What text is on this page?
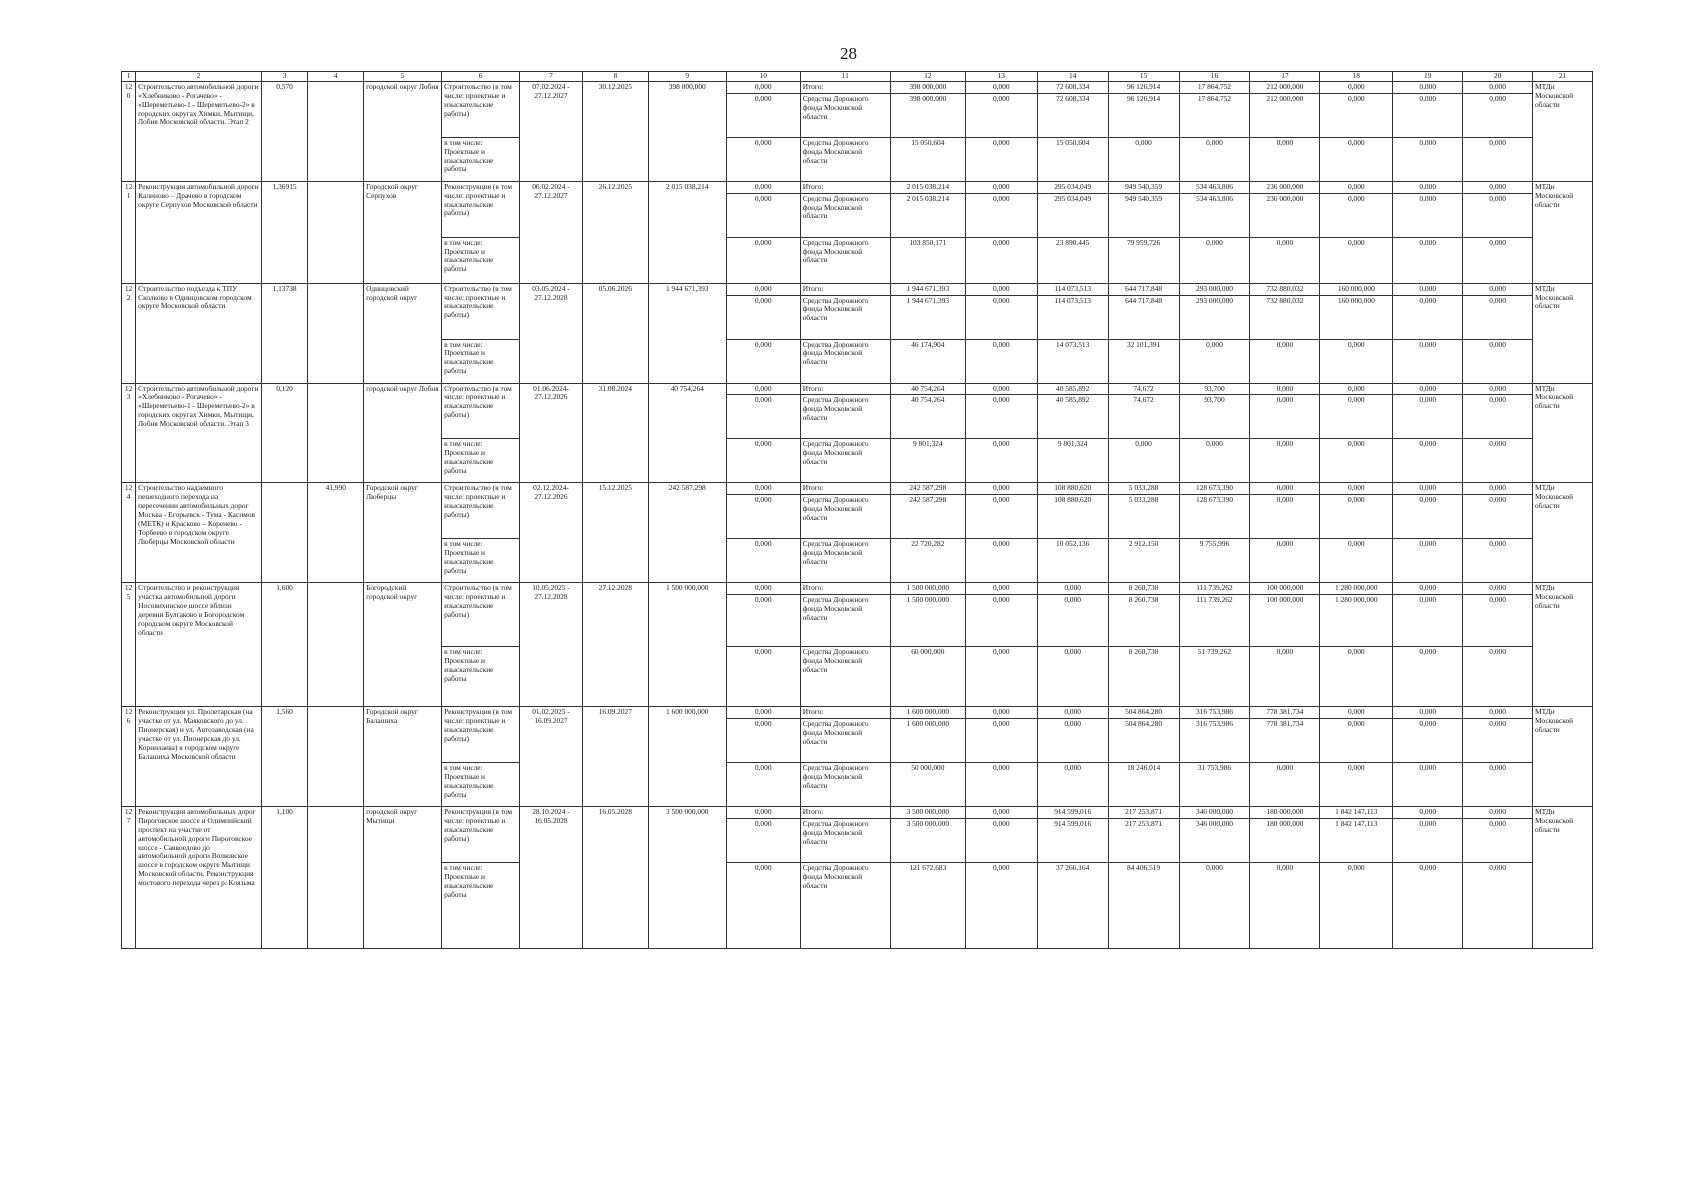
28
1	2	3	4	5	6	7	8	9	10	11	12	13	14	15	16	17	18	19	20	21
120	Строительство автомобильной дороги «Хлебниково - Рогачево» - «Шереметьево-1 - Шереметьево-2» в городских округах Химки, Мытищи, Лобня Московской области. Этап 2	0,570		городской округ Лобня	Строительство (в том числе: проектные и изыскательские работы)	07.02.2024 - 27.12.2027	30.12.2025	398 000,000	0,000	Итого:	398 000,000	0,000	72 608,334	96 126,914	17 864,752	212 000,000	0,000	0,000	0,000	МТДи Московской области
									0,000	Средства Дорожного фонда Московской области	398 000,000	0,000	72 608,334	96 126,914	17 864,752	212 000,000	0,000	0,000	0,000	
					в том числе: Проектные и изыскательские работы				0,000	Средства Дорожного фонда Московской области	15 050,604	0,000	15 050,604	0,000	0,000	0,000	0,000	0,000	0,000	
121	Реконструкция автомобильной дороги Калиново – Драчево в городском округе Серпухов Московской области	1,36915		Городской округ Серпухов	Реконструкция (в том числе: проектные и изыскательские работы)	06.02.2024 - 27.12.2027	26.12.2025	2 015 038,214	0,000	Итого:	2 015 038,214	0,000	295 034,049	949 540,359	534 463,806	236 000,000	0,000	0,000	0,000	МТДи Московской области
									0,000	Средства Дорожного фонда Московской области	2 015 038,214	0,000	295 034,049	949 540,359	534 463,806	236 000,000	0,000	0,000	0,000	
					в том числе: Проектные и изыскательские работы				0,000	Средства Дорожного фонда Московской области	103 850,171	0,000	23 890,445	79 959,726	0,000	0,000	0,000	0,000	0,000	
122	Строительство подъезда к ТПУ Сколково в Одинцовском городском округе Московской области	1,13738		Одинцовский городской округ	Строительство (в том числе: проектные и изыскательские работы)	03.05.2024 - 27.12.2028	05.06.2026	1 944 671,393	0,000	Итого:	1 944 671,393	0,000	114 073,513	644 717,848	293 000,000	732 880,032	160 000,000	0,000	0,000	МТДи Московской области
									0,000	Средства Дорожного фонда Московской области	1 944 671,393	0,000	114 073,513	644 717,848	293 000,000	732 880,032	160 000,000	0,000	0,000	
					в том числе: Проектные и изыскательские работы				0,000	Средства Дорожного фонда Московской области	46 174,904	0,000	14 073,513	32 101,391	0,000	0,000	0,000	0,000	0,000	
123	Строительство автомобильной дороги «Хлебниково - Рогачево» - «Шереметьево-1 - Шереметьево-2» в городских округах Химки, Мытищи, Лобня Московской области. Этап 3	0,120		городской округ Лобня	Строительство (в том числе: проектные и изыскательские работы)	01.06.2024- 27.12.2026	31.08.2024	40 754,264	0,000	Итого:	40 754,264	0,000	40 585,892	74,672	93,700	0,000	0,000	0,000	0,000	МТДи Московской области
									0,000	Средства Дорожного фонда Московской области	40 754,264	0,000	40 585,892	74,672	93,700	0,000	0,000	0,000	0,000	
					в том числе: Проектные и изыскательские работы				0,000	Средства Дорожного фонда Московской области	9 801,324	0,000	9 801,324	0,000	0,000	0,000	0,000	0,000	0,000	
124	Строительство надземного пешеходного перехода на пересечении автомобильных дорог Москва - Егорьевск - Тума - Касимов (МЕТК) и Красково – Коренево - Торбеево в городском округе Люберцы Московской области		41,990	Городской округ Люберцы	Строительство (в том числе: проектные и изыскательские работы)	02.12.2024- 27.12.2026	15.12.2025	242 587,298	0,000	Итого:	242 587,298	0,000	108 880,620	5 033,288	128 673,390	0,000	0,000	0,000	0,000	МТДи Московской области
									0,000	Средства Дорожного фонда Московской области	242 587,298	0,000	108 880,620	5 033,288	128 673,390	0,000	0,000	0,000	0,000	
					в том числе: Проектные и изыскательские работы				0,000	Средства Дорожного фонда Московской области	22 720,282	0,000	10 052,136	2 912,150	9 755,996	0,000	0,000	0,000	0,000	
125	Строительство и реконструкция участка автомобильной дороги Носовихинское шоссе вблизи деревни Булгаково в Богородском городском округе Московской области	1,600		Богородский городской округ	Строительство (в том числе: проектные и изыскательские работы)	10.05.2025 - 27.12.2028	27.12.2028	1 500 000,000	0,000	Итого:	1 500 000,000	0,000	0,000	8 260,738	111 739,262	100 000,000	1 280 000,000	0,000	0,000	МТДи Московской области
									0,000	Средства Дорожного фонда Московской области	1 500 000,000	0,000	0,000	8 260,738	111 739,262	100 000,000	1 280 000,000	0,000	0,000	
					в том числе: Проектные и изыскательские работы				0,000	Средства Дорожного фонда Московской области	60 000,000	0,000	0,000	8 260,738	51 739,262	0,000	0,000	0,000	0,000	
126	Реконструкция ул. Пролетарская (на участке от ул. Маяковского до ул. Пионерская) и ул. Автозаводская (на участке от ул. Пионерская до ул. Корнилаева) в городском округе Балашиха Московской области	1,560		Городской округ Балашиха	Реконструкция (в том числе: проектные и изыскательские работы)	01.02.2025 - 16.09.2027	16.09.2027	1 600 000,000	0,000	Итого:	1 600 000,000	0,000	0,000	504 864,280	316 753,986	778 381,734	0,000	0,000	0,000	МТДи Московской области
									0,000	Средства Дорожного фонда Московской области	1 600 000,000	0,000	0,000	504 864,280	316 753,986	778 381,734	0,000	0,000	0,000	
					в том числе: Проектные и изыскательские работы				0,000	Средства Дорожного фонда Московской области	50 000,000	0,000	0,000	18 246,014	31 753,986	0,000	0,000	0,000	0,000	
127	Реконструкция автомобильных дорог Пироговское шоссе и Олимпийский проспект на участке от автомобильной дороги Пироговское шоссе - Саввоедово до автомобильной дороги Волковское шоссе в городском округе Мытищи Московской области. Реконструкция мостового перехода через р. Клязьма	1,100		городской округ Мытищи	Реконструкция (в том числе: проектные и изыскательские работы)	28.10.2024 - 16.05.2028	16.05.2028	3 500 000,000	0,000	Итого:	3 500 000,000	0,000	914 599,016	217 253,871	346 000,000	180 000,000	1 842 147,113	0,000	0,000	МТДи Московской области
									0,000	Средства Дорожного фонда Московской области	3 500 000,000	0,000	914 599,016	217 253,871	346 000,000	180 000,000	1 842 147,113	0,000	0,000	
					в том числе: Проектные и изыскательские работы				0,000	Средства Дорожного фонда Московской области	121 672,683	0,000	37 266,164	84 406,519	0,000	0,000	0,000	0,000	0,000	
